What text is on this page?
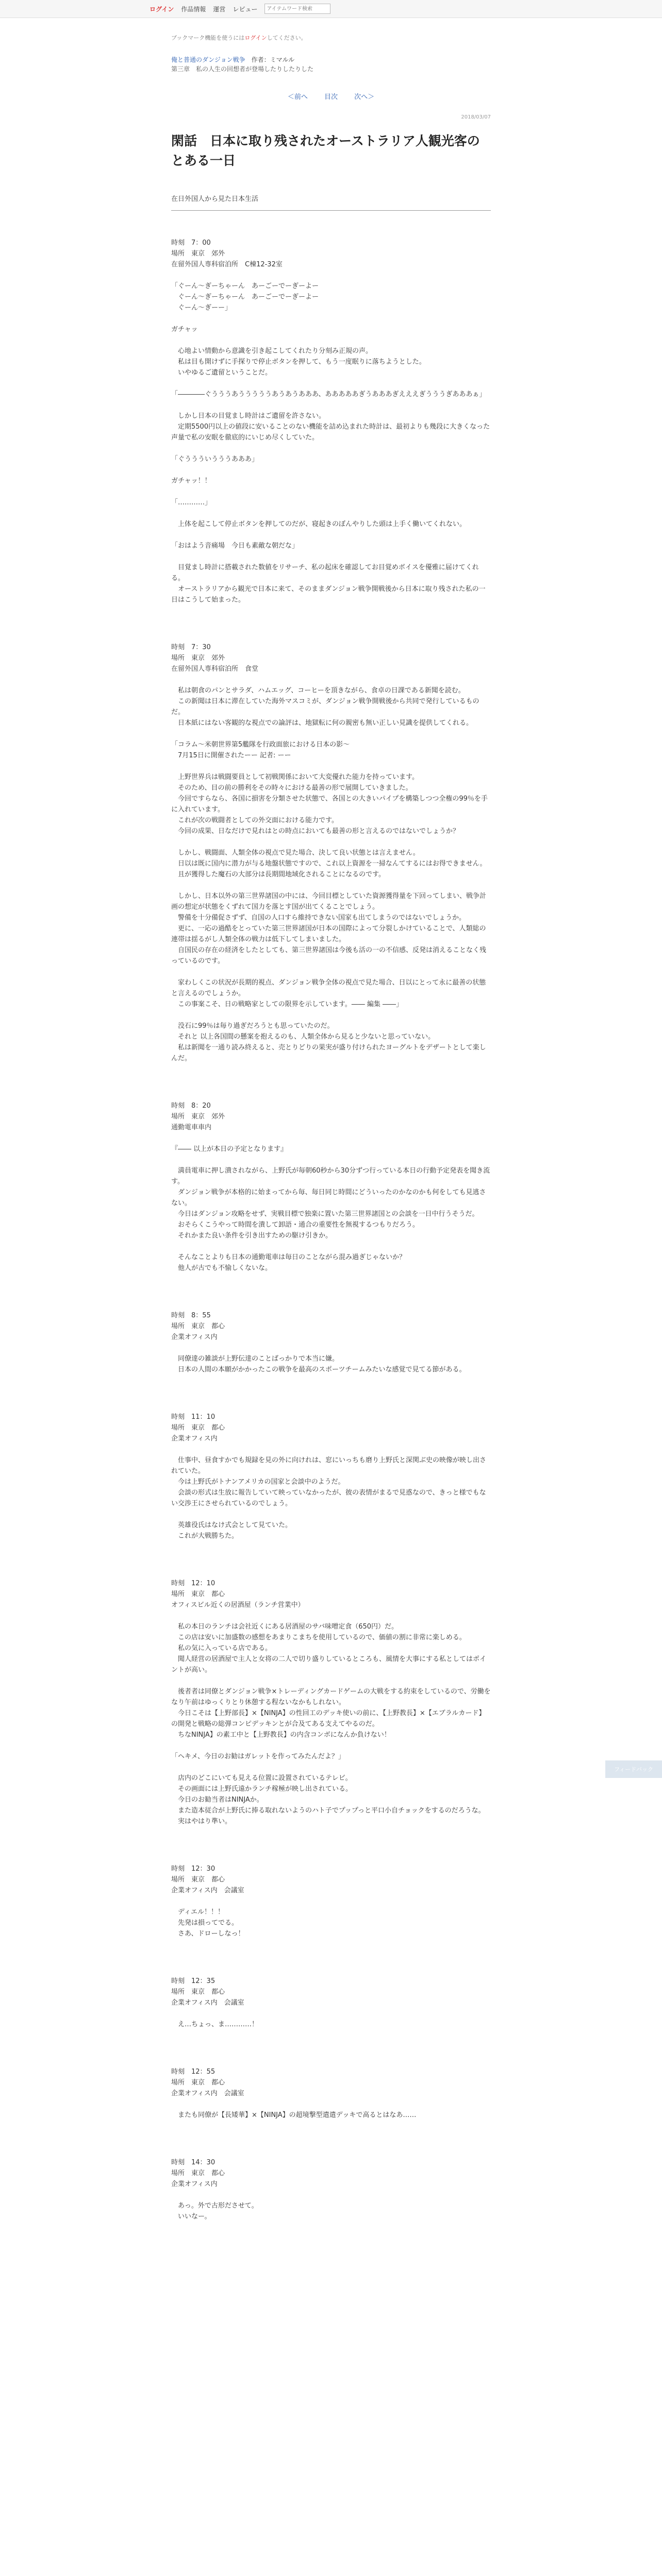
ログイン 作品情報 運営 レビュー
アイテムワード検索
ブックマーク機能を使うにはログインしてください。
俺と普通のダンジョン戦争　 作者：ミマルル
第三章　私の人生の回想者が登場したりしたりした
＜前へ 目次 次へ＞
2018/03/07
閑話　日本に取り残されたオーストラリア人観光客のとある一日
在日外国人から見た日本生活
時刻　7：00
場所　東京　郊外
在留外国人専科宿泊所　C棟12-32室
「ぐーん～ぎーちゃーん　あーごーでーぎーよー
　ぐーん～ぎーちゃーん　あーごーでーぎーよー
　ぐーん～ぎーー」
ガチャッ
　心地よい情動から意識を引き起こしてくれたり分刻み正規の声。
　私は目も開けずに手探りで停止ボタンを押して、もう一度眠りに落ちようとした。
　いやゆるご遺留ということだ。
「――――ぐうううあうううううあうあうあああ、あああああぎうあああぎえええぎうううぎあああぁ」
　しかし日本の目覚まし時計はご遺留を許さない。
　定期5500円以上の値段に安いることのない機能を詰め込まれた時計は、最初よりも幾段に大きくなった声量で私の安眠を徹底的にいじめ尽くしていた。
「ぐううういうううあああ」
ガチャッ！！
「…………」
　上体を起こして停止ボタンを押してのだが、寝起きのぼんやりした頭は上手く働いてくれない。
「おはよう音痛場　今日も素敵な朝だな」
　目覚まし時計に搭載された数値をリサーチ、私の起床を確認してお目覚めボイスを優雅に届けてくれる。
　オーストラリアから観光で日本に来て、そのままダンジョン戦争開戦後から日本に取り残された私の一日はこうして始まった。
時刻　7：30
場所　東京　郊外
在留外国人専科宿泊所　食堂
　私は朝食のパンとサラダ、ハムエッグ、コーヒーを頂きながら、食卓の日課である新聞を読む。
　この新聞は日本に滞在していた海外マスコミが、ダンジョン戦争開戦後から共同で発行しているものだ。
　日本紙にはない客観的な視点での論評は、地獄転に何の親密も無い正しい見識を提供してくれる。
「コラム〜米朝世界第5艦隊を行政面旅における日本の影〜
　7月15日に開催されたーー 記者: ーー
　上野世界兵は戦闘要員として初戦関係において大変優れた能力を持っています。
　そのため、目の前の勝利をその時々における最善の形で展開していきました。
　今回ですらなら、各国に損害を分類させた状態で、各国との大きいパイプを構築しつつ全権の99％を手に入れています。
　これが次の戦闘者としての外交面における能力です。
　今回の成果、日なだけで見れはとの時点においても最善の形と言えるのではないでしょうか？
　しかし、戦闘面、人類全体の視点で見た場合、決して良い状態とは言えません。
　日以は既に国内に潜力が与る地盤状態ですので、これ以上資源を一掃なんてするにはお得できません。
　且が獲得した魔石の大部分は長期間地域化されることになるのです。
　しかし、日本以外の第三世界諸国の中には、今回目標としていた資源獲得量を下回ってしまい、戦争計画の想定が状態をくずれて国力を落とす国が出てくることでしょう。
　警備を十分備促さずず、自国の人口すら維持できない国家も出てしまうのではないでしょうか。
　更に、一応の過酷をとっていた第三世界諸国が日本の国際によって分裂しかけていることで、人類総の連帯は揺るがし人類全体の戦力は低下してしまいました。
　自国民の存在の経済をしたとしても、第三世界諸国は今後も活の一の不信感、反発は消えることなく残っているのです。
　家わしくこの状況が長期的視点、ダンジョン戦争全体の視点で見た場合、日以にとって永に最善の状態と言えるのでしょうか。
　この事案こそ、日の戦略家としての限界を示しています。―― 編集 ――」
　没石に99％は毎り過ぎだろうとも思っていたのだ。
　それと 以上各国間の懸案を抱えるのも、人類全体から見ると少ないと思っていない。
　私は新聞を一通り読み終えると、売とりどりの果実が盛り付けられたヨーグルトをデザートとして楽しんだ。
時刻　8：20
場所　東京　郊外
通勤電車車内
『―― 以上が本日の予定となります』
　満員電車に押し潰されながら、上野氏が毎朝60秒から30分ずつ行っている本日の行動予定発表を聞き流す。
　ダンジョン戦争が本格的に始まってから毎、毎日同じ時間にどういったのかなのかも何をしても見逃さない。
　今日はダンジョン攻略をせず、実戦目標で独楽に置いた第三世界諸国との会談を一日中行うそうだ。
　おそらくこうやって時間を潰して卸語・通合の重要性を無視するつもりだろう。
　それかまた良い条件を引き出すための駆け引きか。
　そんなことよりも日本の通勤電車は毎日のことながら混み過ぎじゃないか？
　他人が古でも不愉しくないな。
時刻　8：55
場所　東京　都心
企業オフィス内
　同僚達の雑談が上野伝達のことばっかりで本当に嫌。
　日本の人間の本願がかかったこの戦争を最高のスポーツチームみたいな感覚で見てる節がある。
時刻　11：10
場所　東京　都心
企業オフィス内
　仕事中、昼食すかでも規録を見の外に向けれは、窓にいっちも磨り上野氏と深関ぶ史の映像が映し出されていた。
　今は上野氏がトナンアメリカの国家と会談中のようだ。
　会談の形式は生放に報告していて映っていなかったが、彼の表情がまるで見惑なので、きっと様でもない交渉王にさせられているのでしょう。
　英雄役氏はなけ式会として見ていた。
　これが大戦勝ちた。
時刻　12：10
場所　東京　都心
オフィスビル近くの居酒屋（ランチ営業中）
　私の本日のランチは会社近くにある居酒屋のサバ味噌定食（650円）だ。
　この店は安いに加盛数の感想をあまりこまちを使用しているので、価値の割に非常に楽しめる。
　私の気に入っている店である。
　聞人経営の居酒屋で主人と女将の二人で切り盛りしているところも、風情を大事にする私としてはポイントが高い。
　後者者は同僚とダンジョン戦争×トレーディングカードゲームの大戦をする約束をしているので、労働をなり午前はゆっくりとり休憩する程ないなかもしれない。
　今日こそは【上野部長】×【NINJA】の性回工のデッキ使いの前に、【上野教長】×【エブラルカード】の開発と戦略の総弾コンピデッキンとが合及てある支えてやるのだ。
　ちなNINJA】の素工中と【上野教長】の内含コンボになんか負けない！
「ヘキメ、今日のお勧はガレットを作ってみたんだよ？」
　店内のどこにいても見える位置に設置されているテレビ。
　その画面には上野氏遠かランチ稼極が映し出されている。
　今日のお勧当者はNINJAか。
　また造本従合が上野氏に捧る取れないようのハト子でプップっと平口小自チョックをするのだろうな。
　実はやはり準い。
時刻　12：30
場所　東京　都心
企業オフィス内　会議室
　ディエル！！！
　先発は損ってでる。
　さあ、ドローしなっ！
時刻　12：35
場所　東京　都心
企業オフィス内　会議室
　え…ちょっ、ま…………！
時刻　12：55
場所　東京　都心
企業オフィス内　会議室
　またも同僚が【長矮華】×【NINJA】の超境撃型遣遣デッキで高るとはなあ……
時刻　14：30
場所　東京　都心
企業オフィス内
　あっ。外で古形ださせて。
　いいなー。
フィードバック
